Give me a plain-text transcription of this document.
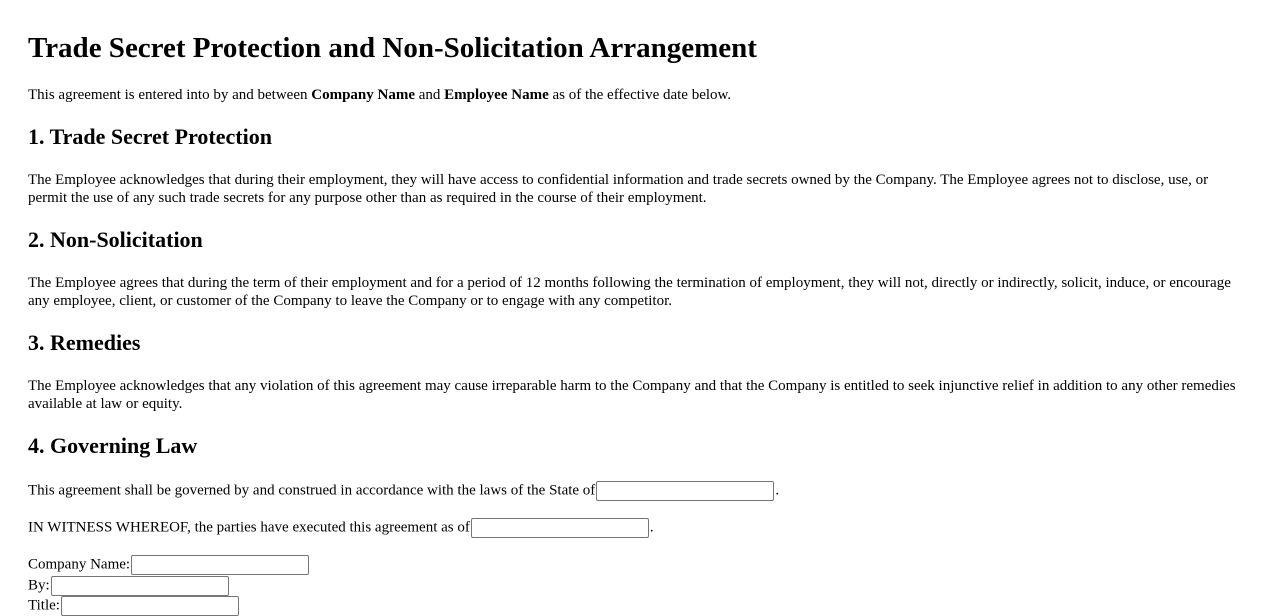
Trade Secret Protection and Non-Solicitation Arrangement

This agreement is entered into by and between Company Name and Employee Name as of the effective date below.

1. Trade Secret Protection

The Employee acknowledges that during their employment, they will have access to confidential information and trade secrets owned by the Company. The Employee agrees not to disclose, use, or permit the use of any such trade secrets for any purpose other than as required in the course of their employment.

2. Non-Solicitation

The Employee agrees that during the term of their employment and for a period of 12 months following the termination of employment, they will not, directly or indirectly, solicit, induce, or encourage any employee, client, or customer of the Company to leave the Company or to engage with any competitor.

3. Remedies

The Employee acknowledges that any violation of this agreement may cause irreparable harm to the Company and that the Company is entitled to seek injunctive relief in addition to any other remedies available at law or equity.

4. Governing Law

This agreement shall be governed by and construed in accordance with the laws of the State of	.

IN WITNESS WHEREOF, the parties have executed this agreement as of	.

Company Name:
By:
Title:
